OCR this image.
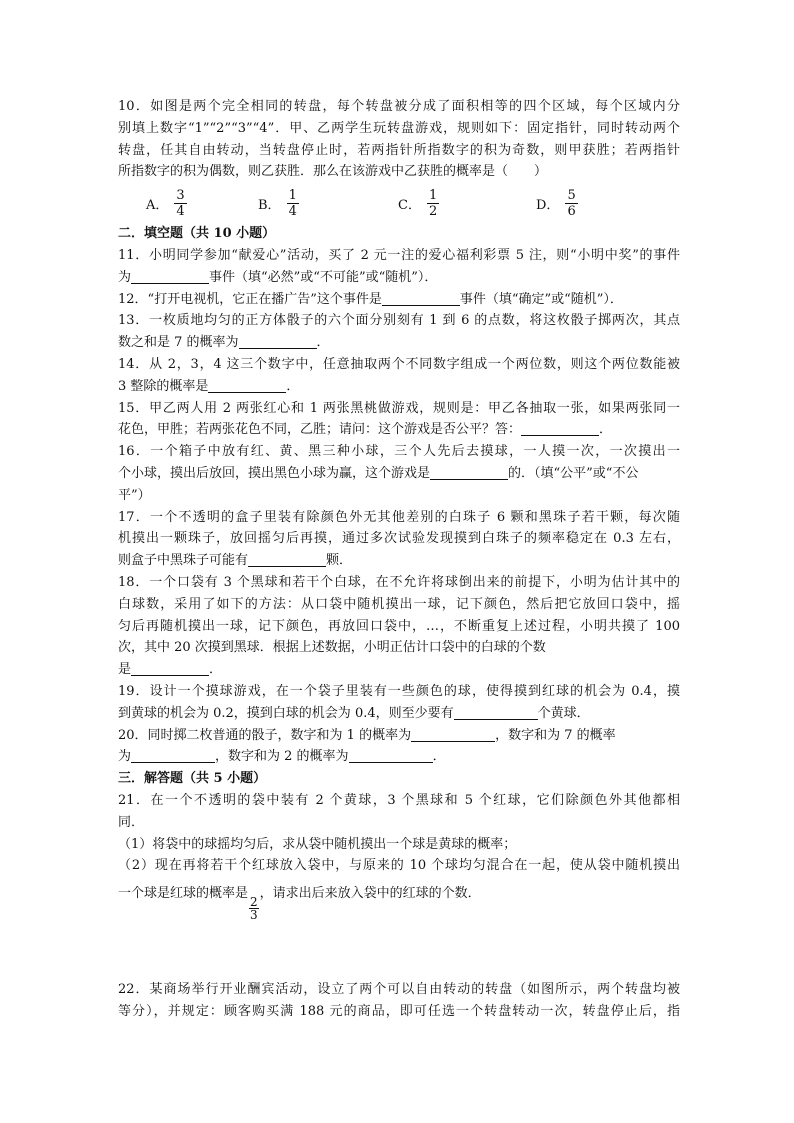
10．如图是两个完全相同的转盘，每个转盘被分成了面积相等的四个区域，每个区域内分
别填上数字“1”“2”“3”“4”．甲、乙两学生玩转盘游戏，规则如下：固定指针，同时转动两个
转盘，任其自由转动，当转盘停止时，若两指针所指数字的积为奇数，则甲获胜；若两指针
所指数字的积为偶数，则乙获胜．那么在该游戏中乙获胜的概率是（　　）
A． $\frac{3}{4}$	B． $\frac{1}{4}$	C． $\frac{1}{2}$	D． $\frac{5}{6}$
二．填空题（共 10 小题）
11．小明同学参加“献爱心”活动，买了 2 元一注的爱心福利彩票 5 注，则“小明中奖”的事件
为	事件（填“必然”或“不可能”或“随机”）．
12．“打开电视机，它正在播广告”这个事件是	事件（填“确定”或“随机”）．
13．一枚质地均匀的正方体骰子的六个面分别刻有 1 到 6 的点数，将这枚骰子掷两次，其点
数之和是 7 的概率为	．
14．从 2，3，4 这三个数字中，任意抽取两个不同数字组成一个两位数，则这个两位数能被
3 整除的概率是	．
15．甲乙两人用 2 两张红心和 1 两张黑桃做游戏，规则是：甲乙各抽取一张，如果两张同一
花色，甲胜；若两张花色不同，乙胜；请问：这个游戏是否公平？答：	．
16．一个箱子中放有红、黄、黑三种小球，三个人先后去摸球，一人摸一次，一次摸出一
个小球，摸出后放回，摸出黑色小球为赢，这个游戏是	的．（填“公平”或“不公
平”）
17．一个不透明的盒子里装有除颜色外无其他差别的白珠子 6 颗和黑珠子若干颗，每次随
机摸出一颗珠子，放回摇匀后再摸，通过多次试验发现摸到白珠子的频率稳定在 0.3 左右，
则盒子中黑珠子可能有	颗．
18．一个口袋有 3 个黑球和若干个白球，在不允许将球倒出来的前提下，小明为估计其中的
白球数，采用了如下的方法：从口袋中随机摸出一球，记下颜色，然后把它放回口袋中，摇
匀后再随机摸出一球，记下颜色，再放回口袋中，…，不断重复上述过程，小明共摸了 100
次，其中 20 次摸到黑球．根据上述数据，小明正估计口袋中的白球的个数
是	．
19．设计一个摸球游戏，在一个袋子里装有一些颜色的球，使得摸到红球的机会为 0.4，摸
到黄球的机会为 0.2，摸到白球的机会为 0.4，则至少要有	个黄球．
20．同时掷二枚普通的骰子，数字和为 1 的概率为	，数字和为 7 的概率
为	，数字和为 2 的概率为	．
三．解答题（共 5 小题）
21．在一个不透明的袋中装有 2 个黄球，3 个黑球和 5 个红球，它们除颜色外其他都相
同．
（1）将袋中的球摇均匀后，求从袋中随机摸出一个球是黄球的概率；
（2）现在再将若干个红球放入袋中，与原来的 10 个球均匀混合在一起，使从袋中随机摸出
一个球是红球的概率是
$\frac{2}{3}$
，请求出后来放入袋中的红球的个数．
22．某商场举行开业酬宾活动，设立了两个可以自由转动的转盘（如图所示，两个转盘均被
等分），并规定：顾客购买满 188 元的商品，即可任选一个转盘转动一次，转盘停止后，指
